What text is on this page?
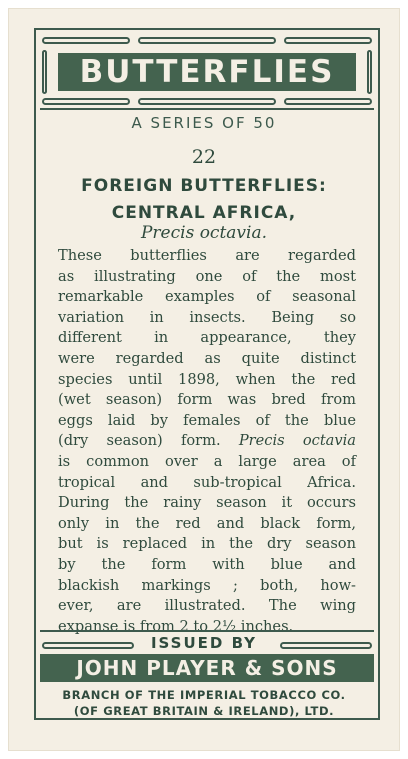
BUTTERFLIES
A SERIES OF 50
22
FOREIGN BUTTERFLIES:
CENTRAL AFRICA,
Precis octavia.
These butterflies are regarded
as illustrating one of the most
remarkable examples of seasonal
variation in insects. Being so
different in appearance, they
were regarded as quite distinct
species until 1898, when the red
(wet season) form was bred from
eggs laid by females of the blue
(dry season) form. Precis octavia
is common over a large area of
tropical and sub-tropical Africa.
During the rainy season it occurs
only in the red and black form,
but is replaced in the dry season
by the form with blue and
blackish markings ; both, how-
ever, are illustrated. The wing
expanse is from 2 to 2½ inches.
ISSUED BY
JOHN PLAYER & SONS
BRANCH OF THE IMPERIAL TOBACCO CO.
(OF GREAT BRITAIN & IRELAND), LTD.
